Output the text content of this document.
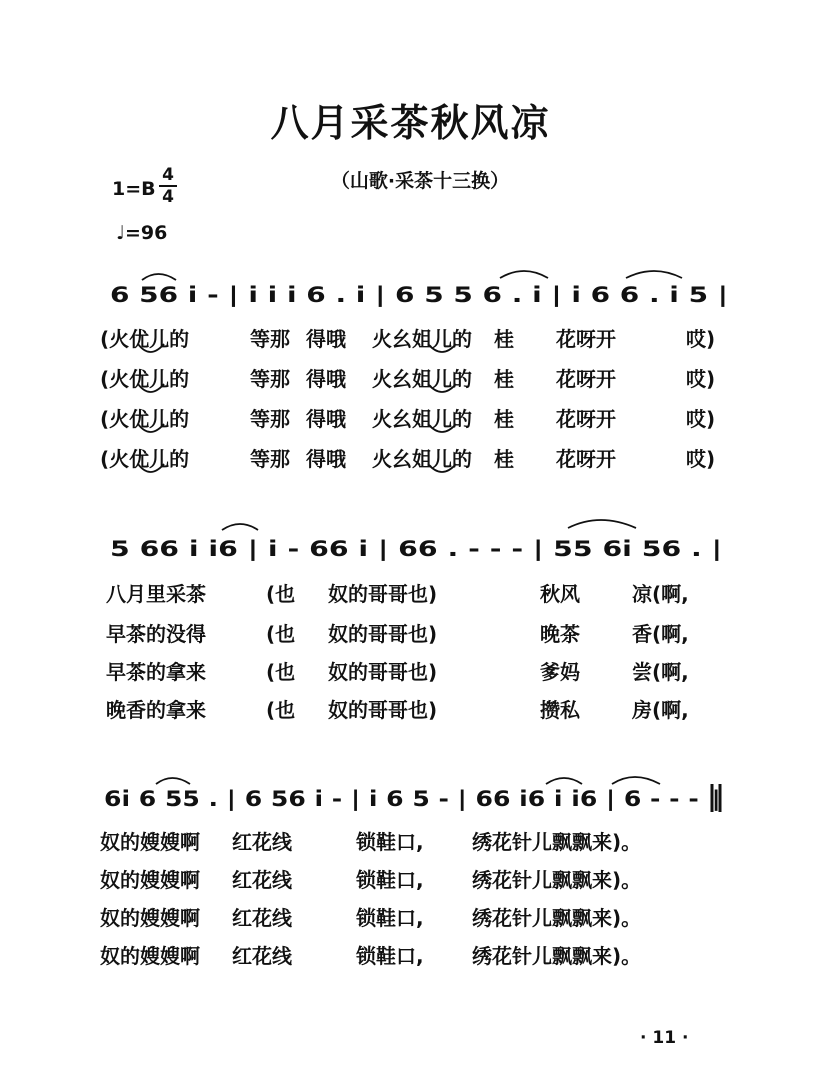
八月采茶秋风凉
（山歌·采茶十三换）
1=B
4
4
♩=96
6 56 i - | i i i 6 . i | 6 5 5 6 . i | i 6 6 . i 5 |
5 66 i i6 | i - 66 i | 66 . - - - | 55 6i 56 . |
6i 6 55 . | 6 56 i - | i 6 5 - | 66 i6 i i6 | 6 - - - ‖
(火优儿的	等那 得哦 火幺姐儿的 桂 花呀开	哎)
(火优儿的	等那 得哦 火幺姐儿的 桂 花呀开	哎)
(火优儿的	等那 得哦 火幺姐儿的 桂 花呀开	哎)
(火优儿的	等那 得哦 火幺姐儿的 桂 花呀开	哎)
八月里采茶	(也 奴的哥哥也)	秋风	凉(啊,
早茶的没得	(也 奴的哥哥也)	晚茶	香(啊,
早茶的拿来	(也 奴的哥哥也)	爹妈	尝(啊,
晚香的拿来	(也 奴的哥哥也)	攒私	房(啊,
奴的嫂嫂啊 红花线	锁鞋口, 绣花针儿飘飘来)。
奴的嫂嫂啊 红花线	锁鞋口, 绣花针儿飘飘来)。
奴的嫂嫂啊 红花线	锁鞋口, 绣花针儿飘飘来)。
奴的嫂嫂啊 红花线	锁鞋口, 绣花针儿飘飘来)。
· 11 ·
